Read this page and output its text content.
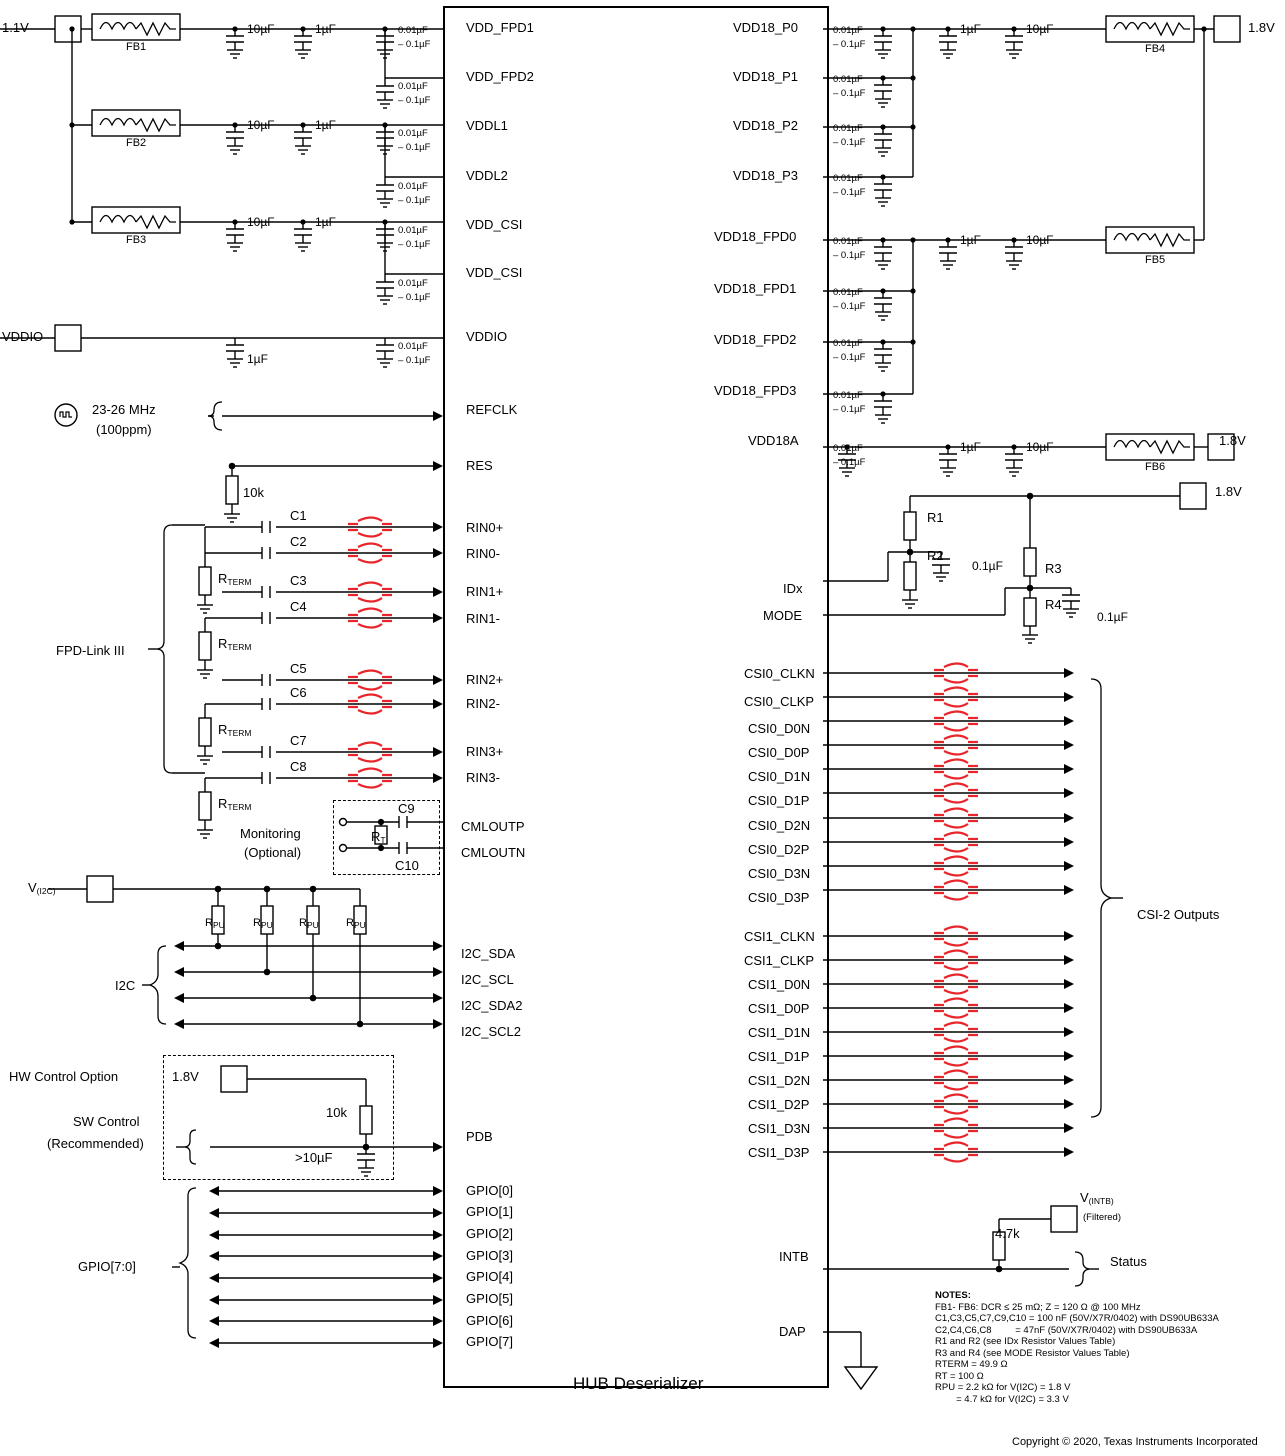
HUB Deserializer
VDD_FPD1
VDD_FPD2
VDDL1
VDDL2
VDD_CSI
VDD_CSI
VDDIO
REFCLK
RES
RIN0+
RIN0-
RIN1+
RIN1-
RIN2+
RIN2-
RIN3+
RIN3-
CMLOUTP
CMLOUTN
I2C_SDA
I2C_SCL
I2C_SDA2
I2C_SCL2
PDB
GPIO[0]
GPIO[1]
GPIO[2]
GPIO[3]
GPIO[4]
GPIO[5]
GPIO[6]
GPIO[7]
VDD18_P0
VDD18_P1
VDD18_P2
VDD18_P3
VDD18_FPD0
VDD18_FPD1
VDD18_FPD2
VDD18_FPD3
VDD18A
IDx
MODE
CSI0_CLKN
CSI0_CLKP
CSI0_D0N
CSI0_D0P
CSI0_D1N
CSI0_D1P
CSI0_D2N
CSI0_D2P
CSI0_D3N
CSI0_D3P
CSI1_CLKN
CSI1_CLKP
CSI1_D0N
CSI1_D0P
CSI1_D1N
CSI1_D1P
CSI1_D2N
CSI1_D2P
CSI1_D3N
CSI1_D3P
INTB
DAP
1.1V
VDDIO
FB1
FB2
FB3
10µF	1µF
10µF	1µF
10µF	1µF
1µF
0.01µF
– 0.1µF
0.01µF
– 0.1µF
0.01µF
– 0.1µF
0.01µF
– 0.1µF
0.01µF
– 0.1µF
0.01µF
– 0.1µF
0.01µF
– 0.1µF
23-26 MHz
(100ppm)
10k
FPD-Link III
C1
C2
C3
C4
C5
C6
C7
C8
$R_{TERM}$
$R_{TERM}$
$R_{TERM}$
$R_{TERM}$	C9
C10
$R_T$
Monitoring
(Optional)
$V_{(I2C)}$
$R_{PU}$	$R_{PU}$ $R_{PU}$ $R_{PU}$
I2C
HW Control Option	1.8V
SW Control
(Recommended)
10k
>10µF
GPIO[7:0]
1.8V
1.8V
FB4
FB5
FB6
1µF	10µF
1µF	10µF
1µF	10µF
0.01µF
– 0.1µF
0.01µF
– 0.1µF
0.01µF
– 0.1µF
0.01µF
– 0.1µF
0.01µF
– 0.1µF
0.01µF
– 0.1µF
0.01µF
– 0.1µF
0.01µF
– 0.1µF
0.01µF
– 0.1µF
1.8V
R1
R2
R3
R4
0.1µF
0.1µF
CSI-2 Outputs
$V_{(INTB)}$
(Filtered)
4.7k
Status
NOTES:
FB1- FB6: DCR ≤ 25 mΩ; Z = 120 Ω @ 100 MHz
C1,C3,C5,C7,C9,C10 = 100 nF (50V/X7R/0402) with DS90UB633A
C2,C4,C6,C8         = 47nF (50V/X7R/0402) with DS90UB633A
R1 and R2 (see IDx Resistor Values Table)
R3 and R4 (see MODE Resistor Values Table)
RTERM = 49.9 Ω
RT = 100 Ω
RPU = 2.2 kΩ for V(I2C) = 1.8 V
= 4.7 kΩ for V(I2C) = 3.3 V
Copyright © 2020, Texas Instruments Incorporated
